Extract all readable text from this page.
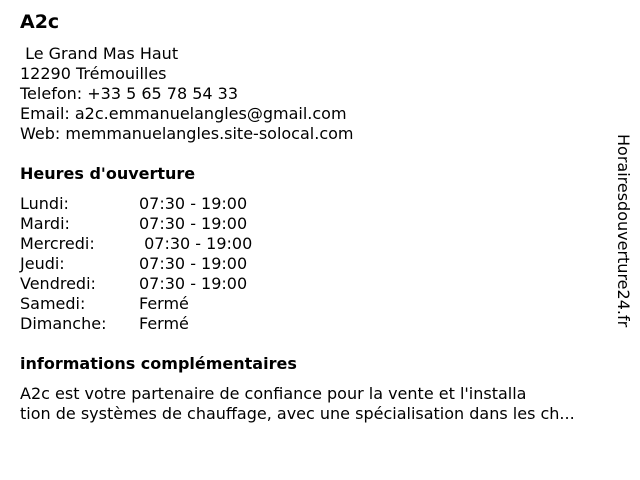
A2c
Le Grand Mas Haut
12290 Trémouilles
Telefon: +33 5 65 78 54 33
Email: a2c.emmanuelangles@gmail.com
Web: memmanuelangles.site-solocal.com
Heures d'ouverture
Lundi:	07:30 - 19:00
Mardi:	07:30 - 19:00
Mercredi:	07:30 - 19:00
Jeudi:	07:30 - 19:00
Vendredi:	07:30 - 19:00
Samedi:	Fermé
Dimanche:	Fermé
informations complémentaires
A2c est votre partenaire de confiance pour la vente et l'installa
tion de systèmes de chauffage, avec une spécialisation dans les ch...
Horairesdouverture24.fr
